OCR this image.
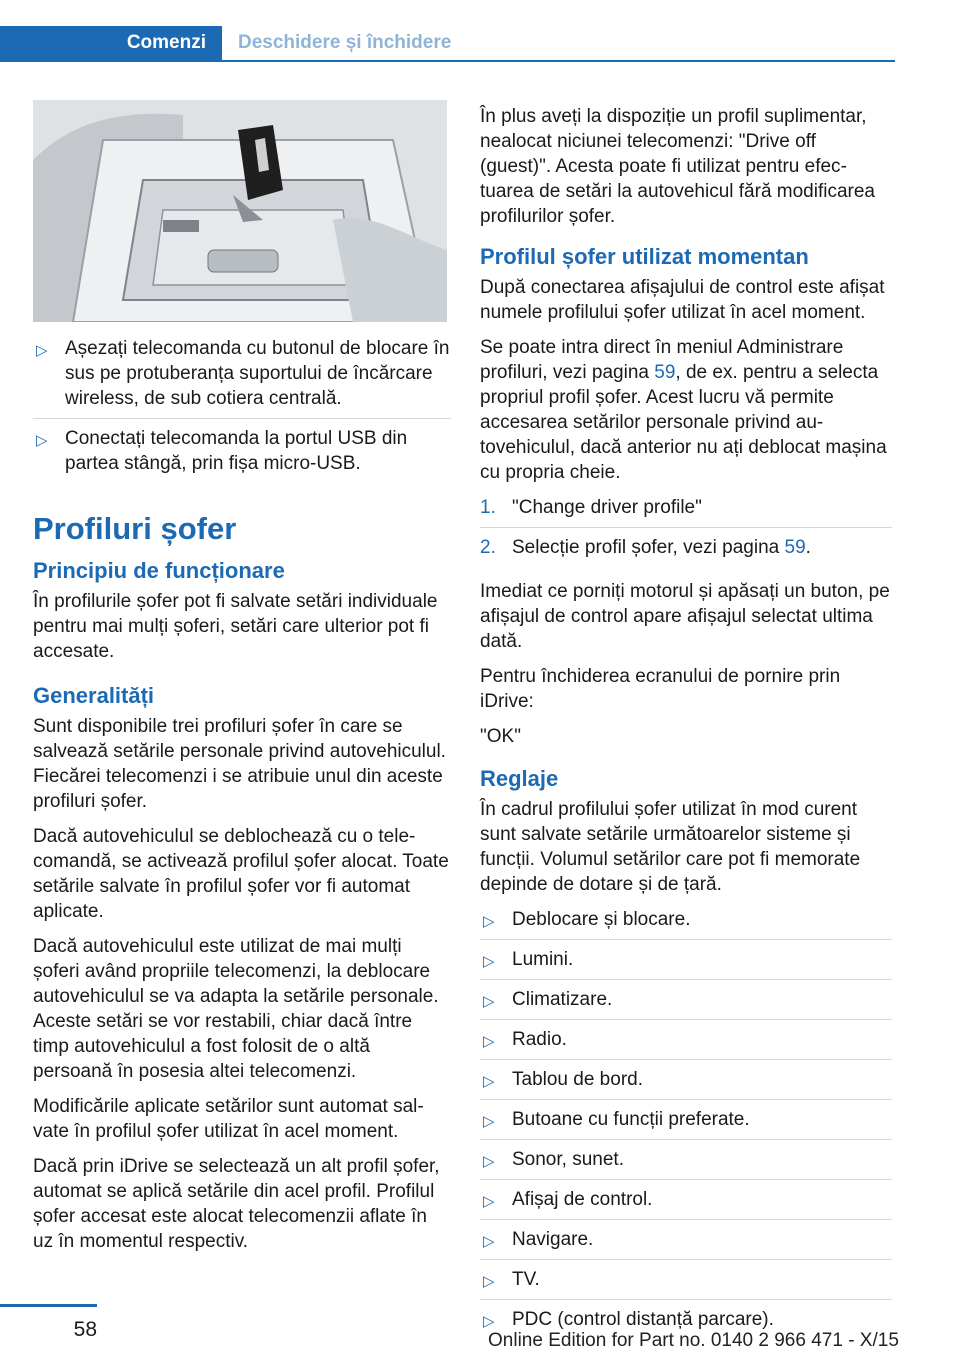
Comenzi Deschidere și închidere
▷ Așezați telecomanda cu butonul de blocare în sus pe protuberanța suportului de încărcare wireless, de sub cotiera centrală.
▷ Conectați telecomanda la portul USB din partea stângă, prin fișa micro-USB.
Profiluri șofer
Principiu de funcționare

În profilurile șofer pot fi salvate setări individuale pentru mai mulți șoferi, setări care ulterior pot fi accesate.

Generalități

Sunt disponibile trei profiluri șofer în care se salvează setările personale privind autovehiculul. Fiecărei telecomenzi i se atribuie unul din aceste profiluri șofer.

Dacă autovehiculul se deblochează cu o telecomandă, se activează profilul șofer alocat. Toate setările salvate în profilul șofer vor fi automat aplicate.

Dacă autovehiculul este utilizat de mai mulți șoferi având propriile telecomenzi, la deblocare autovehiculul se va adapta la setările personale. Aceste setări se vor restabili, chiar dacă între timp autovehiculul a fost folosit de o altă persoană în posesia altei telecomenzi.

Modificările aplicate setărilor sunt automat salvate în profilul șofer utilizat în acel moment.

Dacă prin iDrive se selectează un alt profil șofer, automat se aplică setările din acel profil. Profilul șofer accesat este alocat telecomenzii aflate în uz în momentul respectiv.

În plus aveți la dispoziție un profil suplimentar, nealocat niciunei telecomenzi: "Drive off (guest)". Acesta poate fi utilizat pentru efectuarea de setări la autovehicul fără modificarea profilurilor șofer.

Profilul șofer utilizat momentan

După conectarea afișajului de control este afișat numele profilului șofer utilizat în acel moment.

Se poate intra direct în meniul Administrare profiluri, vezi pagina 59, de ex. pentru a selecta propriul profil șofer. Acest lucru vă permite accesarea setărilor personale privind autovehiculul, dacă anterior nu ați deblocat mașina cu propria cheie.

1. "Change driver profile"
2. Selecție profil șofer, vezi pagina 59.

Imediat ce porniți motorul și apăsați un buton, pe afișajul de control apare afișajul selectat ultima dată.

Pentru închiderea ecranului de pornire prin iDrive:

"OK"

Reglaje

În cadrul profilului șofer utilizat în mod curent sunt salvate setările următoarelor sisteme și funcții. Volumul setărilor care pot fi memorate depinde de dotare și de țară.

▷ Deblocare și blocare.
▷ Lumini.
▷ Climatizare.
▷ Radio.
▷ Tablou de bord.
▷ Butoane cu funcții preferate.
▷ Sonor, sunet.
▷ Afișaj de control.
▷ Navigare.
▷ TV.
▷ PDC (control distanță parcare).
58	Online Edition for Part no. 0140 2 966 471 - X/15
